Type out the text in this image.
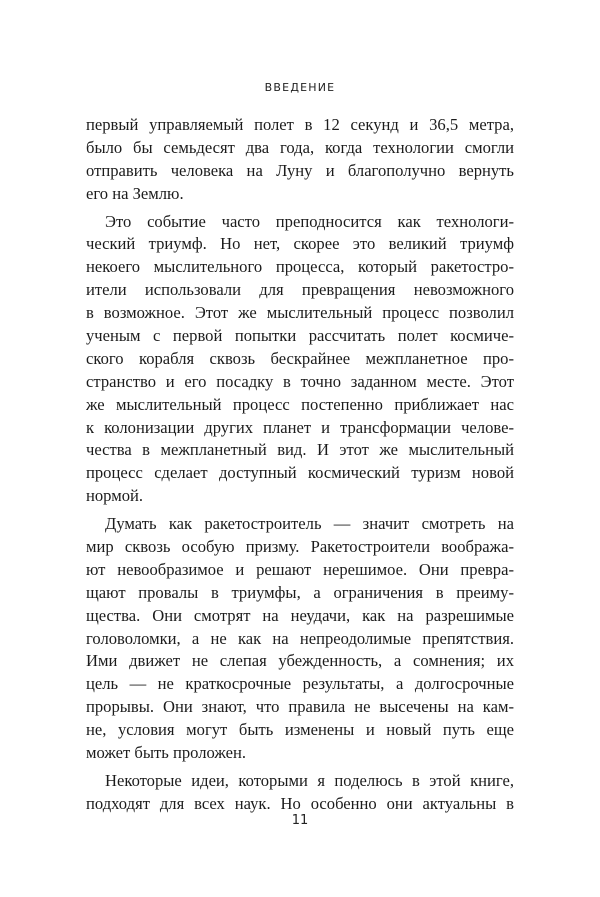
ВВЕДЕНИЕ
первый управляемый полет в 12 секунд и 36,5 метра,
было бы семьдесят два года, когда технологии смогли
отправить человека на Луну и благополучно вернуть
его на Землю.
Это событие часто преподносится как технологи-
ческий триумф. Но нет, скорее это великий триумф
некоего мыслительного процесса, который ракетостро-
ители использовали для превращения невозможного
в возможное. Этот же мыслительный процесс позволил
ученым с первой попытки рассчитать полет космиче-
ского корабля сквозь бескрайнее межпланетное про-
странство и его посадку в точно заданном месте. Этот
же мыслительный процесс постепенно приближает нас
к колонизации других планет и трансформации челове-
чества в межпланетный вид. И этот же мыслительный
процесс сделает доступный космический туризм новой
нормой.
Думать как ракетостроитель — значит смотреть на
мир сквозь особую призму. Ракетостроители вообража-
ют невообразимое и решают нерешимое. Они превра-
щают провалы в триумфы, а ограничения в преиму-
щества. Они смотрят на неудачи, как на разрешимые
головоломки, а не как на непреодолимые препятствия.
Ими движет не слепая убежденность, а сомнения; их
цель — не краткосрочные результаты, а долгосрочные
прорывы. Они знают, что правила не высечены на кам-
не, условия могут быть изменены и новый путь еще
может быть проложен.
Некоторые идеи, которыми я поделюсь в этой книге,
подходят для всех наук. Но особенно они актуальны в
11
